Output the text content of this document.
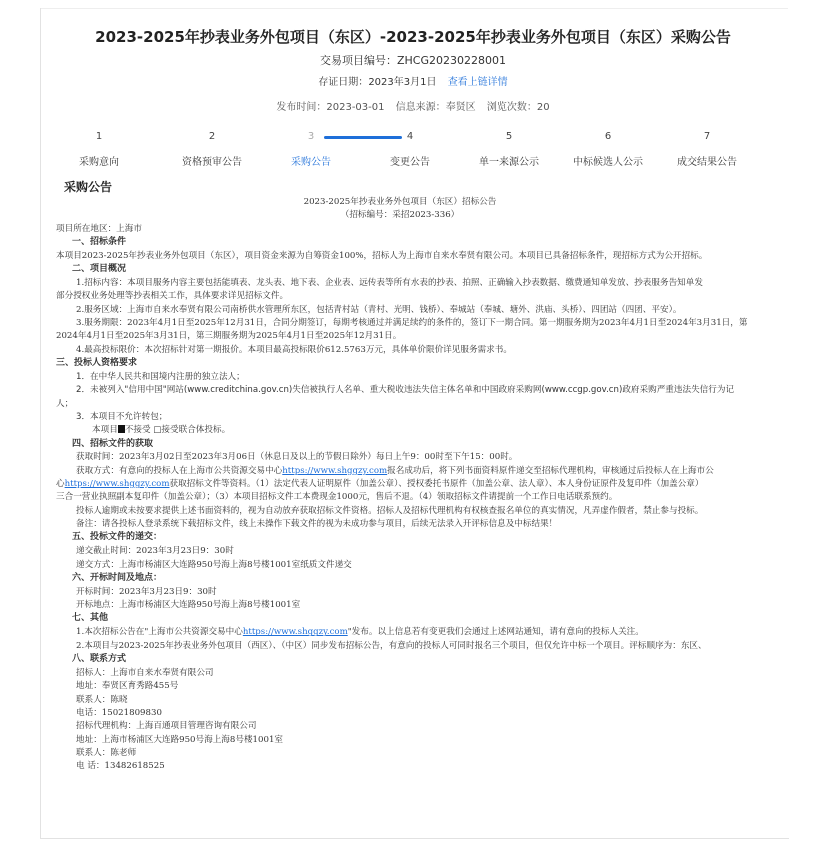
2023-2025年抄表业务外包项目（东区）-2023-2025年抄表业务外包项目（东区）采购公告
交易项目编号：ZHCG20230228001
存证日期：2023年3月1日 查看上链详情
发布时间：2023-03-01 信息来源：奉贤区 浏览次数：20
1
采购意向
2
资格预审公告
3
采购公告
4
变更公告
5
单一来源公示
6
中标候选人公示
7
成交结果公告
采购公告
2023-2025年抄表业务外包项目（东区）招标公告
（招标编号：采招2023-336）
项目所在地区：上海市
一、招标条件
本项目2023-2025年抄表业务外包项目（东区），项目资金来源为自筹资金100%，招标人为上海市自来水奉贤有限公司。本项目已具备招标条件，现招标方式为公开招标。
二、项目概况
1.招标内容：本项目服务内容主要包括能填表、龙头表、地下表、企业表、远传表等所有水表的抄表、拍照、正确输入抄表数据、缴费通知单发放、抄表服务告知单发
部分授权业务处理等抄表相关工作，具体要求详见招标文件。
2.服务区域：上海市自来水奉贤有限公司南桥供水管理所东区，包括青村站（青村、光明、钱桥）、奉城站（奉城、塘外、洪庙、头桥）、四团站（四团、平安）。
3.服务期限：2023年4月1日至2025年12月31日，合同分期签订，每期考核通过并满足续约的条件的，签订下一期合同。第一期服务期为2023年4月1日至2024年3月31日，第
2024年4月1日至2025年3月31日，第三期服务期为2025年4月1日至2025年12月31日。
4.最高投标限价：本次招标针对第一期报价。本项目最高投标限价612.5763万元，具体单价限价详见服务需求书。
三、投标人资格要求
1．在中华人民共和国境内注册的独立法人；
2．未被列入"信用中国"网站(www.creditchina.gov.cn)失信被执行人名单、重大税收违法失信主体名单和中国政府采购网(www.ccgp.gov.cn)政府采购严重违法失信行为记
人；
3．本项目不允许转包；
本项目 不接受 □接受联合体投标。
四、招标文件的获取
获取时间：2023年3月02日至2023年3月06日（休息日及以上的节假日除外）每日上午9：00时至下午15：00时。
获取方式：有意向的投标人在上海市公共资源交易中心https://www.shggzy.com报名成功后，将下列书面资料原件递交至招标代理机构，审核通过后投标人在上海市公
心https://www.shggzy.com获取招标文件等资料。（1）法定代表人证明原件（加盖公章）、授权委托书原件（加盖公章、法人章）、本人身份证原件及复印件（加盖公章）
三合一营业执照副本复印件（加盖公章）；（3）本项目招标文件工本费现金1000元，售后不退。（4）领取招标文件请提前一个工作日电话联系预约。
投标人逾期或未按要求提供上述书面资料的，视为自动放弃获取招标文件资格。招标人及招标代理机构有权核查报名单位的真实情况，凡弄虚作假者，禁止参与投标。
备注：请各投标人登录系统下载招标文件，线上未操作下载文件的视为未成功参与项目，后续无法录入开评标信息及中标结果！
五、投标文件的递交：
递交截止时间：2023年3月23日9：30时
递交方式：上海市杨浦区大连路950号海上海8号楼1001室纸质文件递交
六、开标时间及地点：
开标时间：2023年3月23日9：30时
开标地点：上海市杨浦区大连路950号海上海8号楼1001室
七、其他
1.本次招标公告在"上海市公共资源交易中心https://www.shggzy.com"发布。以上信息若有变更我们会通过上述网站通知，请有意向的投标人关注。
2.本项目与2023-2025年抄表业务外包项目（西区）、（中区）同步发布招标公告，有意向的投标人可同时报名三个项目，但仅允许中标一个项目。评标顺序为：东区、
八、联系方式
招标人：上海市自来水奉贤有限公司
地址：奉贤区育秀路455号
联系人：陈晓
电话：15021809830
招标代理机构：上海百通项目管理咨询有限公司
地址：上海市杨浦区大连路950号海上海8号楼1001室
联系人：陈老师
电 话：13482618525
